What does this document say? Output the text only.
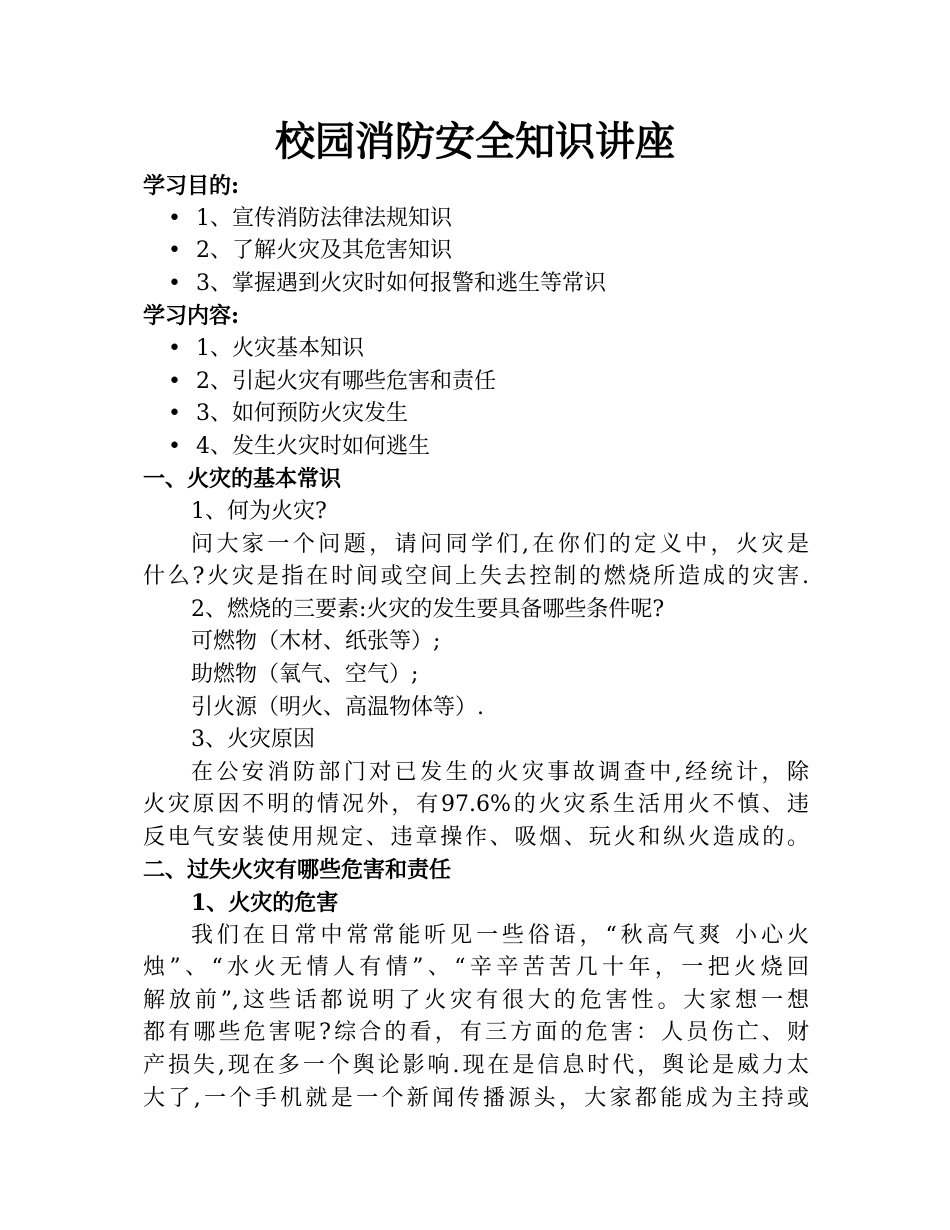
校园消防安全知识讲座
学习目的:
• 1、宣传消防法律法规知识
• 2、了解火灾及其危害知识
• 3、掌握遇到火灾时如何报警和逃生等常识
学习内容:
• 1、火灾基本知识
• 2、引起火灾有哪些危害和责任
• 3、如何预防火灾发生
• 4、发生火灾时如何逃生
一、火灾的基本常识
1、何为火灾?
问大家一个问题，请问同学们,在你们的定义中，火灾是
什么?火灾是指在时间或空间上失去控制的燃烧所造成的灾害.
2、燃烧的三要素:火灾的发生要具备哪些条件呢?
可燃物（木材、纸张等）;
助燃物（氧气、空气）;
引火源（明火、高温物体等）.
3、火灾原因
在公安消防部门对已发生的火灾事故调查中,经统计，除
火灾原因不明的情况外，有97.6%的火灾系生活用火不慎、违
反电气安装使用规定、违章操作、吸烟、玩火和纵火造成的。
二、过失火灾有哪些危害和责任
1、火灾的危害
我们在日常中常常能听见一些俗语，“秋高气爽 小心火
烛”、“水火无情人有情”、“辛辛苦苦几十年，一把火烧回
解放前”,这些话都说明了火灾有很大的危害性。大家想一想
都有哪些危害呢?综合的看，有三方面的危害：人员伤亡、财
产损失,现在多一个舆论影响.现在是信息时代，舆论是威力太
大了,一个手机就是一个新闻传播源头，大家都能成为主持或
